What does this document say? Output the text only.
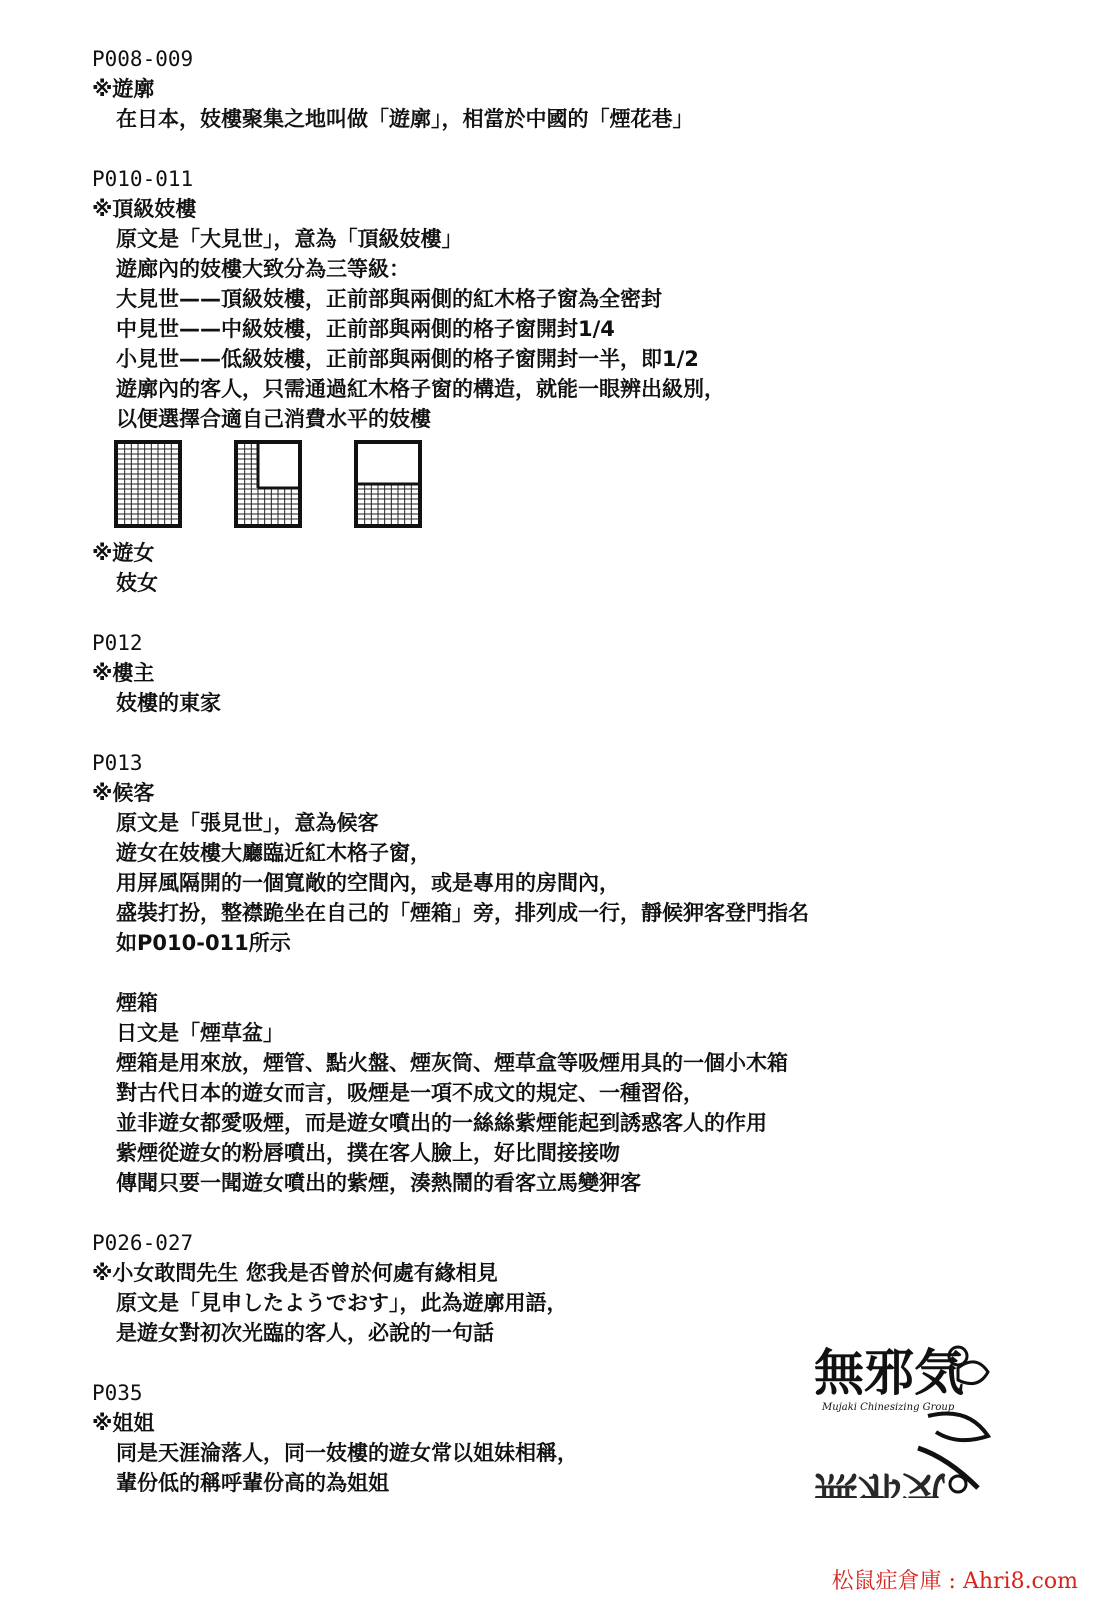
P008-009
※遊廓
在日本，妓樓聚集之地叫做「遊廓」，相當於中國的「煙花巷」
P010-011
※頂級妓樓
原文是「大見世」，意為「頂級妓樓」
遊廊內的妓樓大致分為三等級：
大見世——頂級妓樓，正前部與兩側的紅木格子窗為全密封
中見世——中級妓樓，正前部與兩側的格子窗開封1/4
小見世——低級妓樓，正前部與兩側的格子窗開封一半，即1/2
遊廓內的客人，只需通過紅木格子窗的構造，就能一眼辨出級別，
以便選擇合適自己消費水平的妓樓
※遊女
妓女
P012
※樓主
妓樓的東家
P013
※候客
原文是「張見世」，意為候客
遊女在妓樓大廳臨近紅木格子窗，
用屏風隔開的一個寬敞的空間內，或是專用的房間內，
盛裝打扮，整襟跪坐在自己的「煙箱」旁，排列成一行，靜候狎客登門指名
如P010-011所示
煙箱
日文是「煙草盆」
煙箱是用來放，煙管、點火盤、煙灰筒、煙草盒等吸煙用具的一個小木箱
對古代日本的遊女而言，吸煙是一項不成文的規定、一種習俗，
並非遊女都愛吸煙，而是遊女噴出的一絲絲紫煙能起到誘惑客人的作用
紫煙從遊女的粉唇噴出，撲在客人臉上，好比間接接吻
傳聞只要一聞遊女噴出的紫煙，湊熱鬧的看客立馬變狎客
P026-027
※小女敢問先生 您我是否曾於何處有緣相見
原文是「見申したようでおす」，此為遊廓用語，
是遊女對初次光臨的客人，必說的一句話
P035
※姐姐
同是天涯淪落人，同一妓樓的遊女常以姐妹相稱，
輩份低的稱呼輩份高的為姐姐
無邪気
Mujaki Chinesizing Group
無邪気
松鼠症倉庫 : Ahri8.com
